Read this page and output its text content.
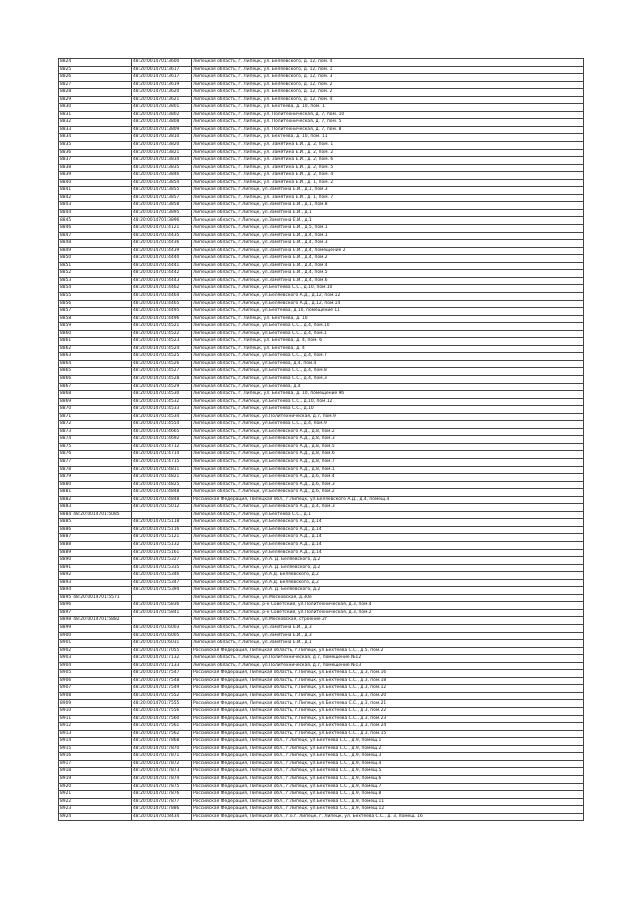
8824	48:20:0014701:3600	Липецкая область, г. Липецк, ул. Беляевского, д. 12, пом. 4
8825	48:20:0014701:3617	Липецкая область, г. Липецк, ул. Беляевского, д. 12, пом. 1
8826	48:20:0014701:3617	Липецкая область, г. Липецк, ул. Беляевского, д. 12, пом. 3
8827	48:20:0014701:3619	Липецкая область, г. Липецк, ул. Беляевского, д. 12, пом. 2
8828	48:20:0014701:3620	Липецкая область, г. Липецк, ул. Беляевского, д. 12, пом. 2
8829	48:20:0014701:3621	Липецкая область, г. Липецк, ул. Беляевского, д. 12, пом. 4
8830	48:20:0014701:3801	Липецкая область, г. Липецк, ул. Бехтеева, д. 10, пом. 1
8831	48:20:0014701:3802	Липецкая область, г. Липецк, ул. Политехническая, д. 7, пом. 10
8832	48:20:0014701:3808	Липецкая область, г. Липецк, ул. Политехническая, д. 7, пом. 5
8833	48:20:0014701:3809	Липецкая область, г. Липецк, ул. Политехническая, д. 7, пом. 8
8834	48:20:0014701:3810	Липецкая область, г. Липецк, ул. Бехтеева, д. 10, пом. 11
8835	48:20:0014701:3820	Липецкая область, г. Липецк, ул. Замятина Е.И., д. 2, пом. 1
8836	48:20:0014701:3821	Липецкая область, г. Липецк, ул. Замятина Е.И., д. 2, пом. 2
8837	48:20:0014701:3834	Липецкая область, г. Липецк, ул. Замятина Е.И., д. 2, пом. 6
8838	48:20:0014701:3835	Липецкая область, г. Липецк, ул. Замятина Е.И., д. 2, пом. 5
8839	48:20:0014701:3846	Липецкая область, г. Липецк, ул. Замятина Е.И., д. 2, пом. 4
8840	48:20:0014701:3854	Липецкая область, г. Липецк, ул. Замятина Е.И., д. 1, пом. 2
8841	48:20:0014701:3855	Липецкая область, г.Липецк, ул.Замятина Е.И., д.1, пом.3
8842	48:20:0014701:3857	Липецкая область, г. Липецк, ул. Замятина Е.И., д. 1, пом. 7
8843	48:20:0014701:3858	Липецкая область, г.Липецк, ул.Замятина Е.И., д.1, пом.8
8844	48:20:0014701:3895	Липецкая область, г.Липецк, ул.Замятина Е.И., д.1
8845	48:20:0014701:3896	Липецкая область, г.Липецк, ул.Замятина Е.И., д.1
8846	48:20:0014701:4121	Липецкая область, г.Липецк, ул.Замятина Е.И., д.5, пом.1
8847	48:20:0014701:4435	Липецкая область, г.Липецк, ул.Замятина Е.И., д.4, пом.1
8848	48:20:0014701:4436	Липецкая область, г.Липецк, ул.Замятина Е.И., д.4, пом.3
8849	48:20:0014701:4439	Липецкая область, г.Липецк, ул.Замятина Е.И., д.4, помещение 2
8850	48:20:0014701:4440	Липецкая область, г.Липецк, ул.Замятина Е.И., д.4, пом.2
8851	48:20:0014701:4441	Липецкая область, г.Липецк, ул.Замятина Е.И., д.4, пом.4
8852	48:20:0014701:4442	Липецкая область, г.Липецк, ул.Замятина Е.И., д.4, пом.5
8853	48:20:0014701:4443	Липецкая область, г.Липецк, ул.Замятина Е.И., д.4, пом.6
8854	48:20:0014701:4462	Липецкая область, г.Липецк, ул.Бехтеева С.С., д.10, пом.10
8855	48:20:0014701:4464	Липецкая область, г.Липецк, ул.Беляевского А.Д., д.12, пом.12
8856	48:20:0014701:4465	Липецкая область, г.Липецк, ул.Беляевского А.Д., д.12, пом.14
8857	48:20:0014701:4495	Липецкая область, г.Липецк, ул.Бехтеева, д.10, помещение 11
8858	48:20:0014701:4496	Липецкая область, г. Липецк, ул. Бехтеева, д. 10
8859	48:20:0014701:4521	Липецкая область, г.Липецк, ул.Бехтеева С.С., д.4, пом.10
8860	48:20:0014701:4522	Липецкая область, г.Липецк, ул.Бехтеева С.С., д.4, пом.1
8861	48:20:0014701:4523	Липецкая область, г. Липецк, ул. Бехтеева, д. 4, пом. 6
8862	48:20:0014701:4524	Липецкая область, г. Липецк, ул. Бехтеева, д. 4
8863	48:20:0014701:4525	Липецкая область, г.Липецк, ул.Бехтеева С.С., д.4, пом.7
8864	48:20:0014701:4526	Липецкая область, г.Липецк, ул.Бехтеева, д.4, пом.4
8865	48:20:0014701:4527	Липецкая область, г.Липецк, ул.Бехтеева С.С., д.4, пом.8
8866	48:20:0014701:4528	Липецкая область, г.Липецк, ул.Бехтеева С.С., д.4, пом.3
8867	48:20:0014701:4529	Липецкая область, г.Липецк, ул.Бехтеева, д.4
8868	48:20:0014701:4530	Липецкая область, г. Липецк, ул. Бехтеева, д. 10, помещение 9б
8869	48:20:0014701:4532	Липецкая область, г.Липецк, ул.Бехтеева С.С., д.10, пом.12
8870	48:20:0014701:4533	Липецкая область, г.Липецк, ул.Бехтеева С.С., д.10
8871	48:20:0014701:4534	Липецкая область, г.Липецк, ул.Политехническая, д.7, пом.9
8872	48:20:0014701:4554	Липецкая область, г.Липецк, ул.Бехтеева С.С., д.4, пом.9
8873	48:20:0014701:4665	Липецкая область, г.Липецк, ул.Беляевского А.Д., д.8, пом.2
8874	48:20:0014701:4692	Липецкая область, г.Липецк, ул.Беляевского А.Д., д.8, пом.3
8875	48:20:0014701:4712	Липецкая область, г.Липецк, ул.Беляевского А.Д., д.8, пом.5
8876	48:20:0014701:4714	Липецкая область, г.Липецк, ул.Беляевского А.Д., д.8, пом.6
8877	48:20:0014701:4715	Липецкая область, г.Липецк, ул.Беляевского А.Д., д.8, пом.7
8878	48:20:0014701:4811	Липецкая область, г.Липецк, ул.Беляевского А.Д., д.8, пом.1
8879	48:20:0014701:4821	Липецкая область, г.Липецк, ул.Беляевского А.Д., д.6, пом.4
8880	48:20:0014701:4825	Липецкая область, г.Липецк, ул.Беляевского А.Д., д.6, пом.3
8881	48:20:0014701:4848	Липецкая область, г.Липецк, ул.Беляевского А.Д., д.6, пом.2
8882	48:20:0014701:4848	Российская Федерация, Липецкая обл., г.Липецк, ул.Беляевского А.Д., д.4, помещ.4
8883	48:20:0014701:5012	Липецкая область, г.Липецк, ул.Беляевского А.Д., д.4, пом.3
8884 48:20:0014701:5085		Липецкая область, г.Липецк, ул.Бехтеева С.С., д.1
8885	48:20:0014701:5118	Липецкая область, г.Липецк, ул.Беляевского А.Д., д.14
8886	48:20:0014701:5116	Липецкая область, г.Липецк, ул.Беляевского А.Д., д.14
8887	48:20:0014701:5121	Липецкая область, г.Липецк, ул.Беляевского А.Д., д.14
8888	48:20:0014701:5132	Липецкая область, г.Липецк, ул.Беляевского А.Д., д.14
8889	48:20:0014701:5161	Липецкая область, г.Липецк, ул.Беляевского А.Д., д.14
8890	48:20:0014701:5327	Липецкая область, г.Липецк, ул.А. Д. Беляевского, д.2
8891	48:20:0014701:5335	Липецкая область, г.Липецк, ул.А. Д. Беляевского, д.2
8892	48:20:0014701:5346	Липецкая область, г.Липецк, ул.А.Д. Беляевского, д.2
8893	48:20:0014701:5347	Липецкая область, г.Липецк, ул.А.Д. Беляевского, д.2
8894	48:20:0014701:5394	Липецкая область, г.Липецк, ул.А. Д. Беляевского, д.2
8895 48:20:0014701:5571		Липецкая область, г.Липецк, ул.Московская, д.30е
8896	48:20:0014701:5836	Липецкая область, г.Липецк, р-н Советский, ул.Политехническая, д.3, пом.4
8897	48:20:0014701:5841	Липецкая область, г.Липецк, р-н Советский, ул.Политехническая, д.3, пом.2
8898 48:20:0014701:5882		Липецкая область, г.Липецк, ул.Московская, строение 2г
8899	48:20:0014701:6003	Липецкая область, г.Липецк, ул.Замятина Е.И., д.3
8900	48:20:0014701:6005	Липецкая область, г.Липецк, ул.Замятина Е.И., д.3
8901	48:20:0014701:6031	Липецкая область, г.Липецк, ул.Замятина Е.И., д.1
8902	48:20:0014701:7055	Российская Федерация, Липецкая область, г.Липецк, ул.Бехтеева С.С., д.5, пом.2
8903	48:20:0014701:7132	Липецкая область, г.Липецк, ул.Политехническая, д.7, помещение №12
8904	48:20:0014701:7133	Липецкая область, г.Липецк, ул.Политехническая, д.7, помещение №13
8905	48:20:0014701:7547	Российская Федерация, Липецкая область, г.Липецк, ул.Бехтеева С.С., д.3, пом.16
8906	48:20:0014701:7548	Российская Федерация, Липецкая область, г.Липецк, ул.Бехтеева С.С., д.3, пом.18
8907	48:20:0014701:7549	Российская Федерация, Липецкая область, г.Липецк, ул.Бехтеева С.С., д.3, пом.12
8908	48:20:0014701:7552	Российская Федерация, Липецкая область, г.Липецк, ул.Бехтеева С.С., д.3, пом.20
8909	48:20:0014701:7555	Российская Федерация, Липецкая область, г.Липецк, ул.Бехтеева С.С., д.3, пом.21
8910	48:20:0014701:7556	Российская Федерация, Липецкая область, г.Липецк, ул.Бехтеева С.С., д.3, пом.22
8911	48:20:0014701:7560	Российская Федерация, Липецкая область, г.Липецк, ул.Бехтеева С.С., д.3, пом.23
8912	48:20:0014701:7561	Российская Федерация, Липецкая область, г.Липецк, ул.Бехтеева С.С., д.3, пом.24
8913	48:20:0014701:7562	Российская Федерация, Липецкая область, г.Липецк, ул.Бехтеева С.С., д.3, пом.15
8914	48:20:0014701:7868	Российская Федерация, Липецкая обл., г.Липецк, ул.Бехтеева С.С., д.9, помещ.1
8915	48:20:0014701:7870	Российская Федерация, Липецкая обл., г.Липецк, ул.Бехтеева С.С., д.9, помещ.2
8916	48:20:0014701:7871	Российская Федерация, Липецкая обл., г.Липецк, ул.Бехтеева С.С., д.9, помещ.3
8917	48:20:0014701:7872	Российская Федерация, Липецкая обл., г.Липецк, ул.Бехтеева С.С., д.9, помещ.4
8918	48:20:0014701:7873	Российская Федерация, Липецкая обл., г.Липецк, ул.Бехтеева С.С., д.9, помещ.5
8919	48:20:0014701:7874	Российская Федерация, Липецкая обл., г.Липецк, ул.Бехтеева С.С., д.9, помещ.6
8920	48:20:0014701:7875	Российская Федерация, Липецкая обл., г.Липецк, ул.Бехтеева С.С., д.9, помещ.7
8921	48:20:0014701:7876	Российская Федерация, Липецкая обл., г.Липецк, ул.Бехтеева С.С., д.9, помещ.8
8922	48:20:0014701:7877	Российская Федерация, Липецкая обл., г.Липецк, ул.Бехтеева С.С., д.9, помещ.11
8923	48:20:0014701:7886	Российская Федерация, Липецкая обл., г.Липецк, ул.Бехтеева С.С., д.9, помещ.12
8924	48:20:0014701:8434	Российская Федерация, Липецкая обл., г.о.г. Липецк, г. Липецк, ул. Бехтеева С.С., д. 3, помещ. 16
